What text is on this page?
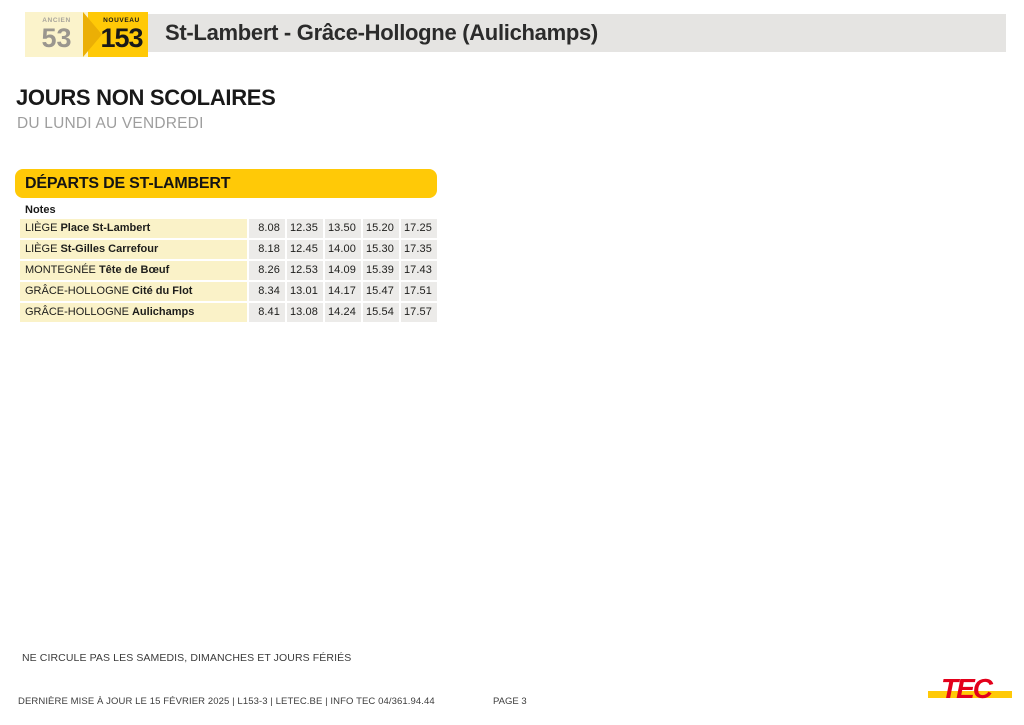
St-Lambert - Grâce-Hollogne (Aulichamps)
ANCIEN
53
NOUVEAU
153
JOURS NON SCOLAIRES
DU LUNDI AU VENDREDI
DÉPARTS DE ST-LAMBERT
Notes
LIÈGE Place St-Lambert	8.08 12.35 13.50 15.20 17.25
LIÈGE St-Gilles Carrefour	8.18 12.45 14.00 15.30 17.35
MONTEGNÉE Tête de Bœuf	8.26 12.53 14.09 15.39 17.43
GRÂCE-HOLLOGNE Cité du Flot	8.34 13.01 14.17 15.47 17.51
GRÂCE-HOLLOGNE Aulichamps	8.41 13.08 14.24 15.54 17.57
NE CIRCULE PAS LES SAMEDIS, DIMANCHES ET JOURS FÉRIÉS
DERNIÈRE MISE À JOUR LE 15 FÉVRIER 2025 | L153-3 | LETEC.BE | INFO TEC 04/361.94.44	PAGE 3	TEC
